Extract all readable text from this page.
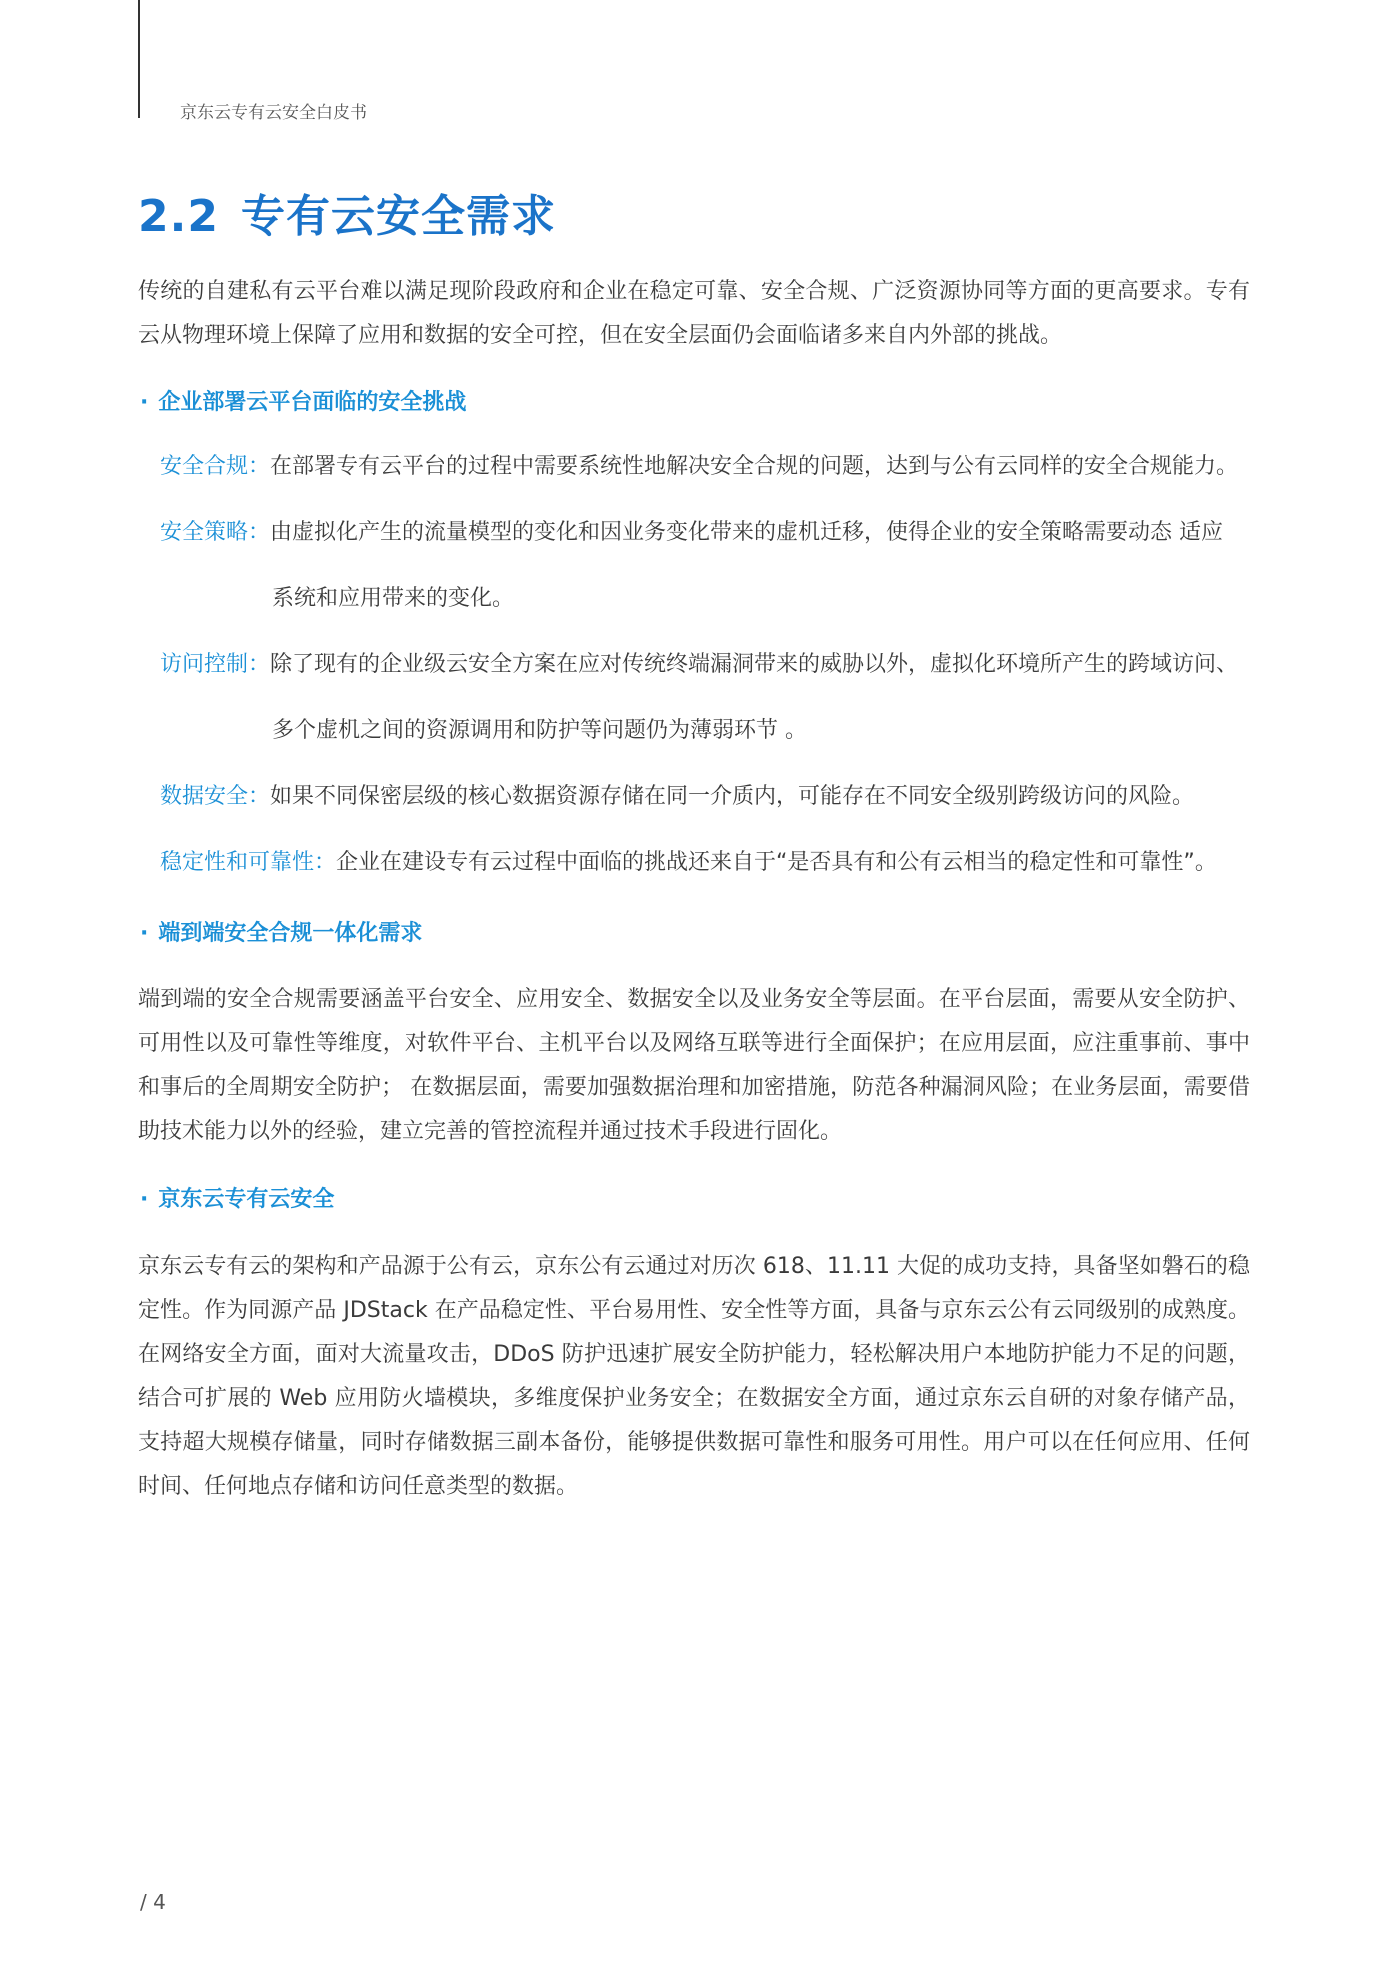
京东云专有云安全白皮书
2.2 专有云安全需求

传统的自建私有云平台难以满足现阶段政府和企业在稳定可靠、安全合规、广泛资源协同等方面的更高要求。专有云从物理环境上保障了应用和数据的安全可控，但在安全层面仍会面临诸多来自内外部的挑战。

· 企业部署云平台面临的安全挑战
安全合规：在部署专有云平台的过程中需要系统性地解决安全合规的问题，达到与公有云同样的安全合规能力。
安全策略：由虚拟化产生的流量模型的变化和因业务变化带来的虚机迁移，使得企业的安全策略需要动态 适应
系统和应用带来的变化。
访问控制：除了现有的企业级云安全方案在应对传统终端漏洞带来的威胁以外，虚拟化环境所产生的跨域访问、
多个虚机之间的资源调用和防护等问题仍为薄弱环节 。
数据安全：如果不同保密层级的核心数据资源存储在同一介质内，可能存在不同安全级别跨级访问的风险。
稳定性和可靠性：企业在建设专有云过程中面临的挑战还来自于“是否具有和公有云相当的稳定性和可靠性”。
· 端到端安全合规一体化需求

端到端的安全合规需要涵盖平台安全、应用安全、数据安全以及业务安全等层面。在平台层面，需要从安全防护、可用性以及可靠性等维度，对软件平台、主机平台以及网络互联等进行全面保护；在应用层面，应注重事前、事中和事后的全周期安全防护； 在数据层面，需要加强数据治理和加密措施，防范各种漏洞风险；在业务层面，需要借助技术能力以外的经验，建立完善的管控流程并通过技术手段进行固化。

· 京东云专有云安全

京东云专有云的架构和产品源于公有云，京东公有云通过对历次 618、11.11 大促的成功支持，具备坚如磐石的稳定性。作为同源产品 JDStack 在产品稳定性、平台易用性、安全性等方面，具备与京东云公有云同级别的成熟度。在网络安全方面，面对大流量攻击，DDoS 防护迅速扩展安全防护能力，轻松解决用户本地防护能力不足的问题，结合可扩展的 Web 应用防火墙模块，多维度保护业务安全；在数据安全方面，通过京东云自研的对象存储产品，支持超大规模存储量，同时存储数据三副本备份，能够提供数据可靠性和服务可用性。用户可以在任何应用、任何时间、任何地点存储和访问任意类型的数据。

/ 4
